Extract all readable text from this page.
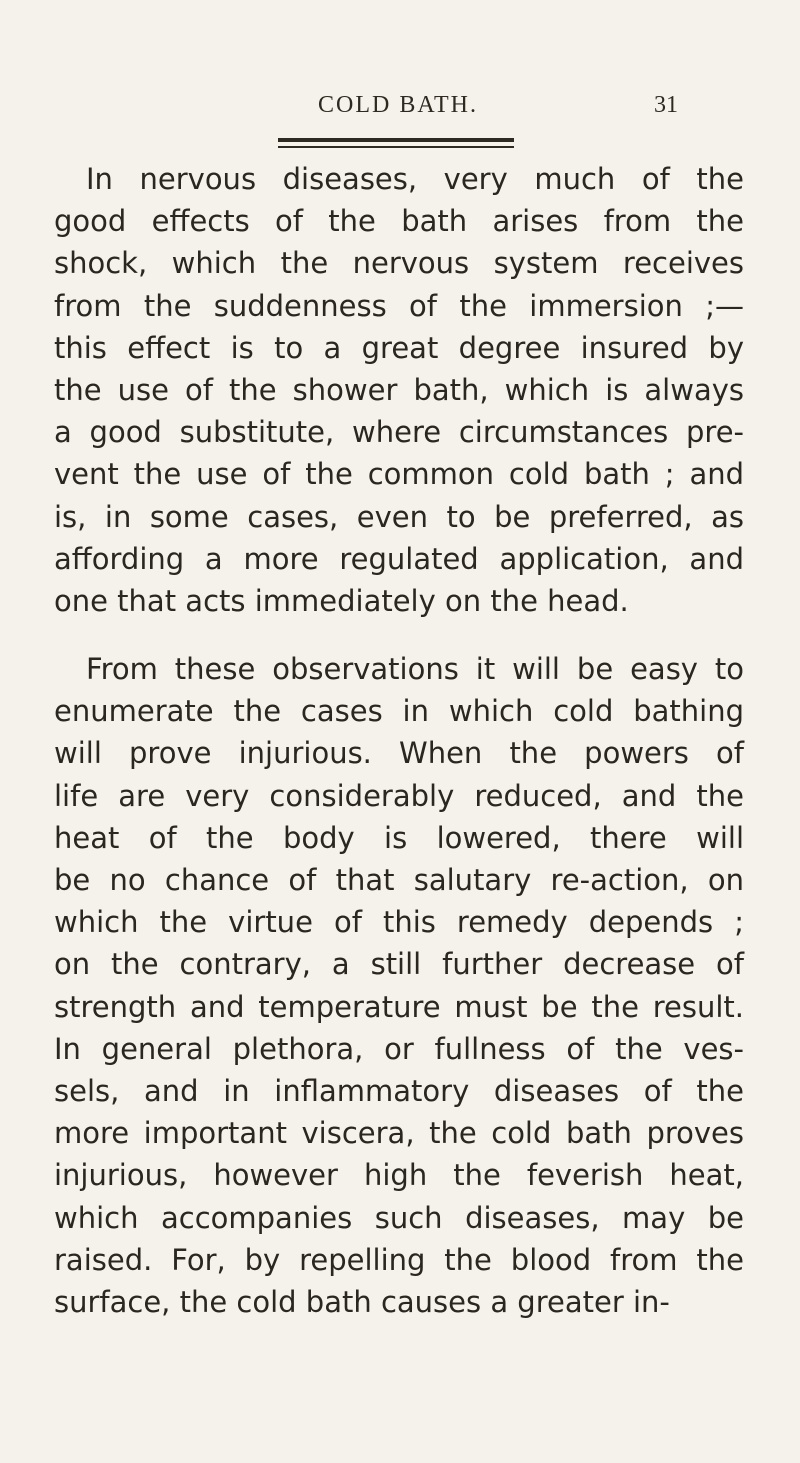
COLD BATH.	31
In nervous diseases, very much of the
good effects of the bath arises from the
shock, which the nervous system receives
from the suddenness of the immersion ;—
this effect is to a great degree insured by
the use of the shower bath, which is always
a good substitute, where circumstances pre-
vent the use of the common cold bath ; and
is, in some cases, even to be preferred, as
affording a more regulated application, and
one that acts immediately on the head.
From these observations it will be easy to
enumerate the cases in which cold bathing
will prove injurious. When the powers of
life are very considerably reduced, and the
heat of the body is lowered, there will
be no chance of that salutary re-action, on
which the virtue of this remedy depends ;
on the contrary, a still further decrease of
strength and temperature must be the result.
In general plethora, or fullness of the ves-
sels, and in inflammatory diseases of the
more important viscera, the cold bath proves
injurious, however high the feverish heat,
which accompanies such diseases, may be
raised. For, by repelling the blood from the
surface, the cold bath causes a greater in-
